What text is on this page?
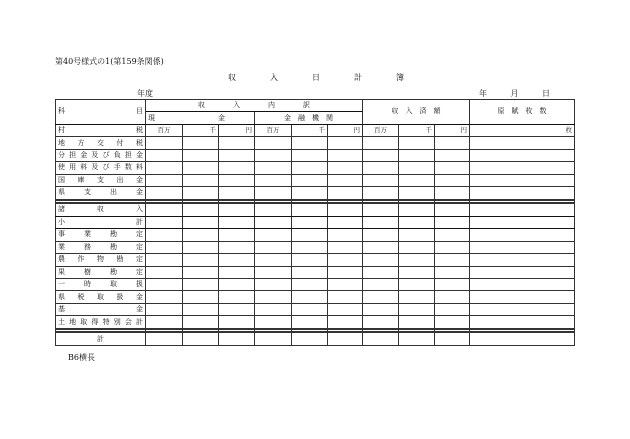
第40号様式の1(第159条関係)
収	入	日	計	簿
年度	年	月	日
科　　　　　目	収　　　　入　　　　内　　　　訳						収　入　済　額			原　賦　枚　数
	現　　　　　　　　　金			金　融　機　関						
村　　　　税	百万	千	円	百万	千	円	百万	千	円	枚
地方交付税										
分担金及び負担金										
使用料及び手数料										
国庫支出金										
県支出金										

諸　　収　　入										
小　　　　計										
事業勘定										
業務勘定										
農作物勘定										
果樹勘定										
一時取扱										
県税取扱金										
基　　　　金										
土地取得特別会計										

計										
B6横長
